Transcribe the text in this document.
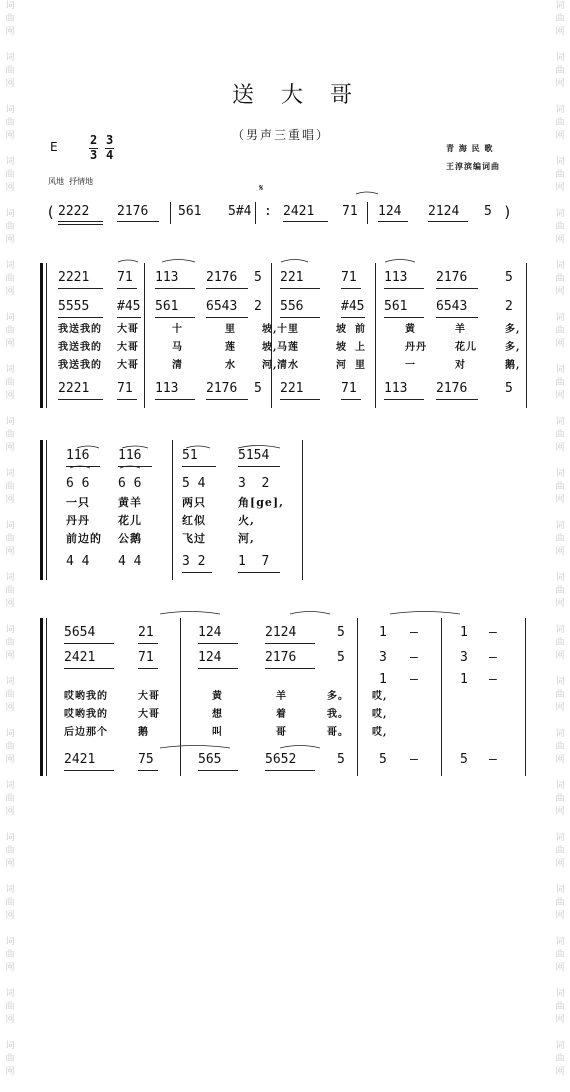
词
曲
网

词
曲
网

词
曲
网

词
曲
网

词
曲
网

词
曲
网

词
曲
网

词
曲
网

词
曲
网

词
曲
网

词
曲
网

词
曲
网

词
曲
网

词
曲
网

词
曲
网

词
曲
网

词
曲
网

词
曲
网

词
曲
网

词
曲
网

词
曲
网

词
曲
网

词
曲
网

词
曲
网

词
曲
网

词
曲
网

词
曲
网

词
曲
网

词
曲
网

词
曲
网

词
曲
网

词
曲
网

词
曲
网

词
曲
网

词
曲
网

词
曲
网

词
曲
网

词
曲
网

词
曲
网

词
曲
网

词
曲
网

词
曲
网

送 大 哥
（男声三重唱）
E	2
3
3
4	青 海 民 歌
王淳滨编词曲
风地  抒情地
𝄋
( 2222 2176 561 5#4 : 2421 71 124 2124 5 )
2221 71 113 2176 5 221	71 113 2176	5
5555 #45 561 6543 2 556	#45 561 6543	2
我送我的 大哥	十	里	坡, 十里	坡 前	黄	羊	多,
我送我的 大哥	马	莲	坡, 马莲	坡 上	丹丹	花儿	多,
我送我的 大哥	清	水	河, 清水	河 里	一	对	鹅,
2221 71 113 2176 5 221	71 113 2176	5
116 116	51	5154
6 6 6 6	5 4	3  2
一只	黄羊	两只	角[ge],
丹丹	花儿	红似	火,
前边的 公鹅	飞过	河,
4 4 4 4	3 2	1  7
5654	21	124	2124	5	1 –	1 –
2421	71	124	2176	5	3 –	3 –
1 –	1 –
哎哟我的	大哥	黄	羊	多。 哎,
哎哟我的	大哥	想	着	我。 哎,
后边那个	鹅	叫	哥	哥。 哎,
2421	75	565	5652	5	5 –	5 –
